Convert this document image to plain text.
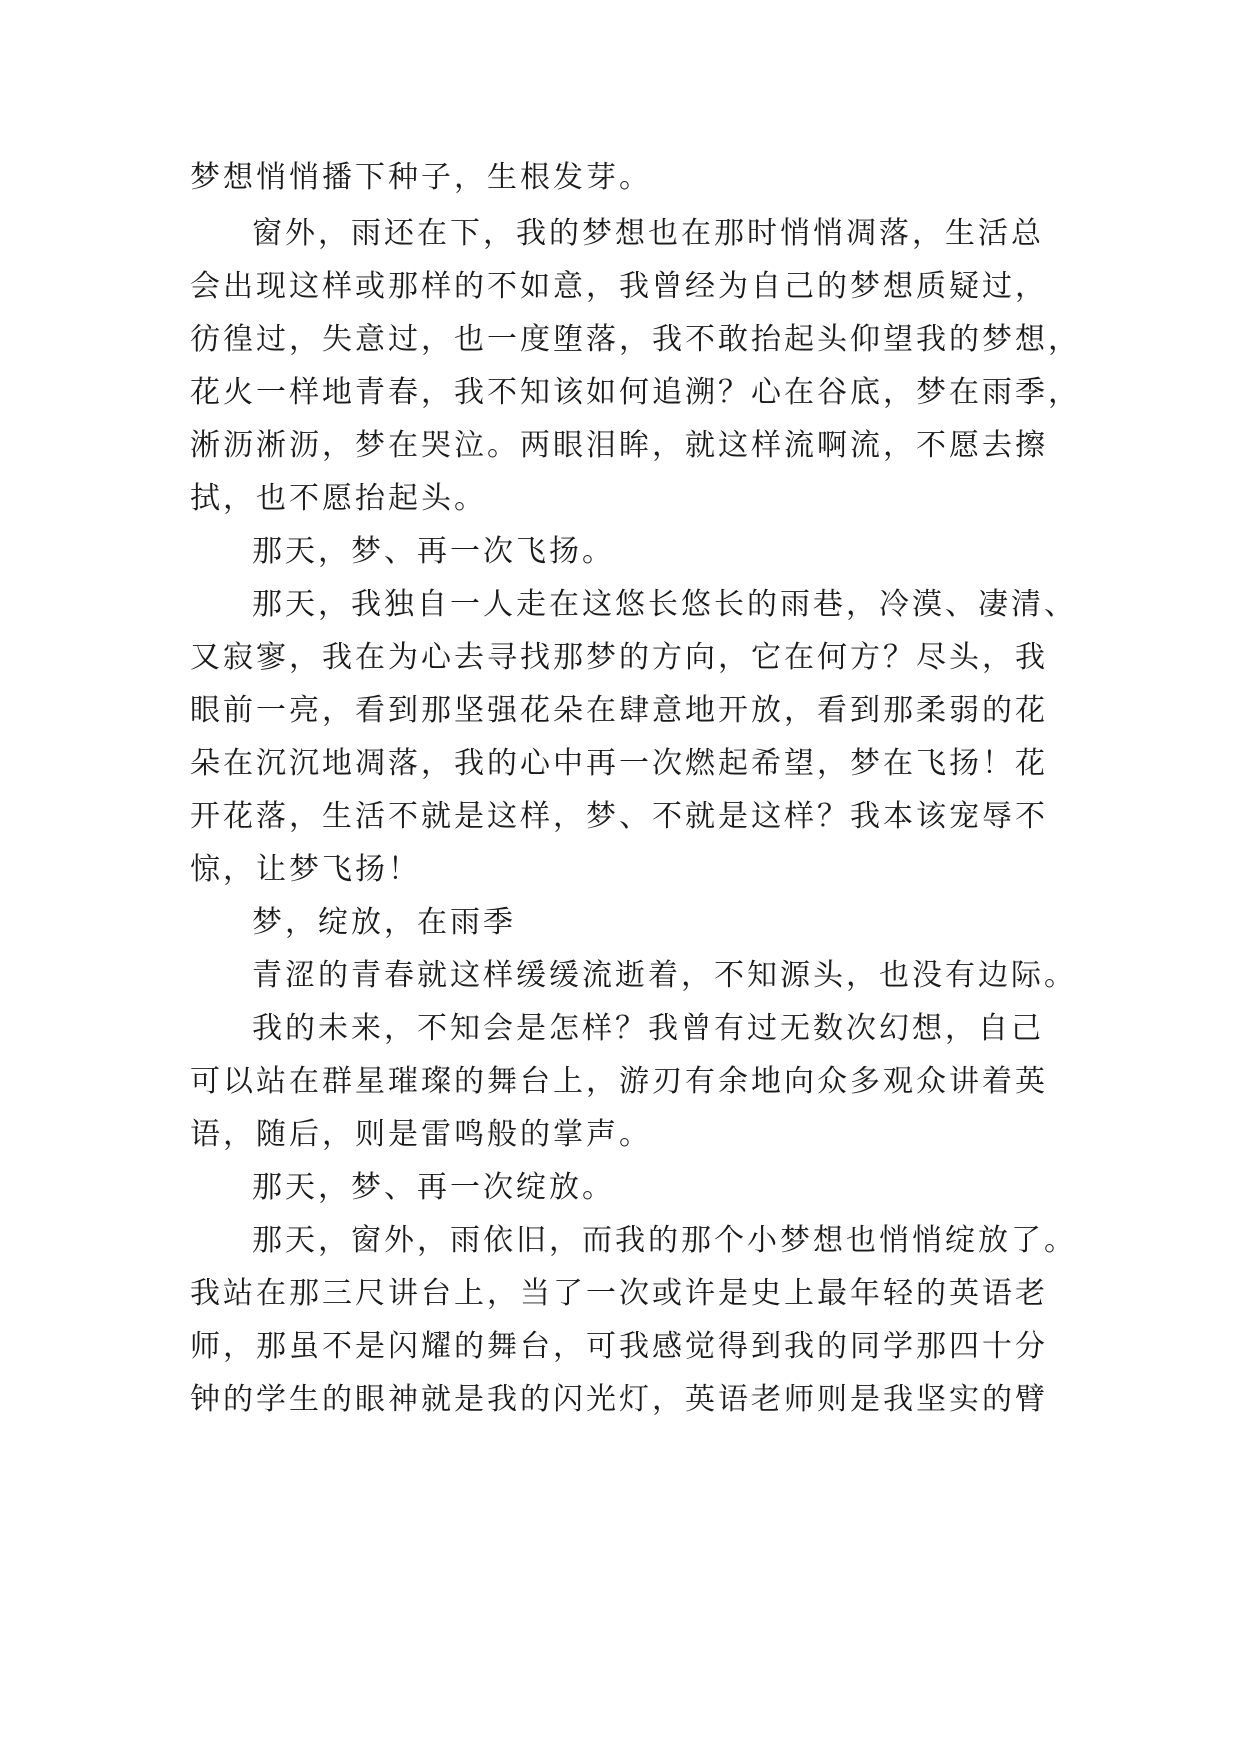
梦想悄悄播下种子，生根发芽。
窗外，雨还在下，我的梦想也在那时悄悄凋落，生活总
会出现这样或那样的不如意，我曾经为自己的梦想质疑过，
彷徨过，失意过，也一度堕落，我不敢抬起头仰望我的梦想，
花火一样地青春，我不知该如何追溯？心在谷底，梦在雨季，
淅沥淅沥，梦在哭泣。两眼泪眸，就这样流啊流，不愿去擦
拭，也不愿抬起头。
那天，梦、再一次飞扬。
那天，我独自一人走在这悠长悠长的雨巷，冷漠、凄清、
又寂寥，我在为心去寻找那梦的方向，它在何方？尽头，我
眼前一亮，看到那坚强花朵在肆意地开放，看到那柔弱的花
朵在沉沉地凋落，我的心中再一次燃起希望，梦在飞扬！花
开花落，生活不就是这样，梦、不就是这样？我本该宠辱不
惊，让梦飞扬！
梦，绽放，在雨季
青涩的青春就这样缓缓流逝着，不知源头，也没有边际。
我的未来，不知会是怎样？我曾有过无数次幻想，自己
可以站在群星璀璨的舞台上，游刃有余地向众多观众讲着英
语，随后，则是雷鸣般的掌声。
那天，梦、再一次绽放。
那天，窗外，雨依旧，而我的那个小梦想也悄悄绽放了。
我站在那三尺讲台上，当了一次或许是史上最年轻的英语老
师，那虽不是闪耀的舞台，可我感觉得到我的同学那四十分
钟的学生的眼神就是我的闪光灯，英语老师则是我坚实的臂
